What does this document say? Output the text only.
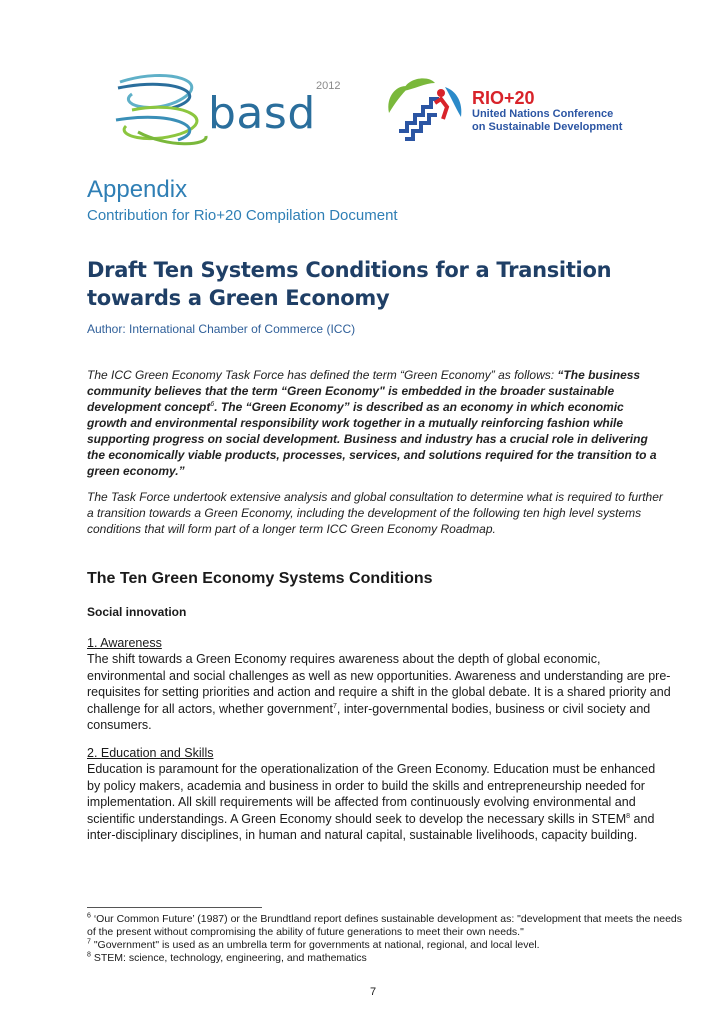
2012
basd	RIO+20
United Nations Conference
on Sustainable Development
Appendix
Contribution for Rio+20 Compilation Document
Draft Ten Systems Conditions for a Transition towards a Green Economy
Author: International Chamber of Commerce (ICC)
The ICC Green Economy Task Force has defined the term “Green Economy” as follows: “The business community believes that the term “Green Economy" is embedded in the broader sustainable development concept$^6$. The “Green Economy” is described as an economy in which economic growth and environmental responsibility work together in a mutually reinforcing fashion while supporting progress on social development. Business and industry has a crucial role in delivering the economically viable products, processes, services, and solutions required for the transition to a green economy.”
The Task Force undertook extensive analysis and global consultation to determine what is required to further a transition towards a Green Economy, including the development of the following ten high level systems conditions that will form part of a longer term ICC Green Economy Roadmap.
The Ten Green Economy Systems Conditions
Social innovation
1. Awareness
The shift towards a Green Economy requires awareness about the depth of global economic, environmental and social challenges as well as new opportunities. Awareness and understanding are pre-requisites for setting priorities and action and require a shift in the global debate. It is a shared priority and challenge for all actors, whether government$^7$, inter-governmental bodies, business or civil society and consumers.
2. Education and Skills
Education is paramount for the operationalization of the Green Economy. Education must be enhanced by policy makers, academia and business in order to build the skills and entrepreneurship needed for implementation. All skill requirements will be affected from continuously evolving environmental and scientific understandings. A Green Economy should seek to develop the necessary skills in STEM$^8$ and inter-disciplinary disciplines, in human and natural capital, sustainable livelihoods, capacity building.
$^6$ ‘Our Common Future’ (1987) or the Brundtland report defines sustainable development as: "development that meets the needs of the present without compromising the ability of future generations to meet their own needs."
$^7$ "Government" is used as an umbrella term for governments at national, regional, and local level.
$^8$ STEM: science, technology, engineering, and mathematics
7
